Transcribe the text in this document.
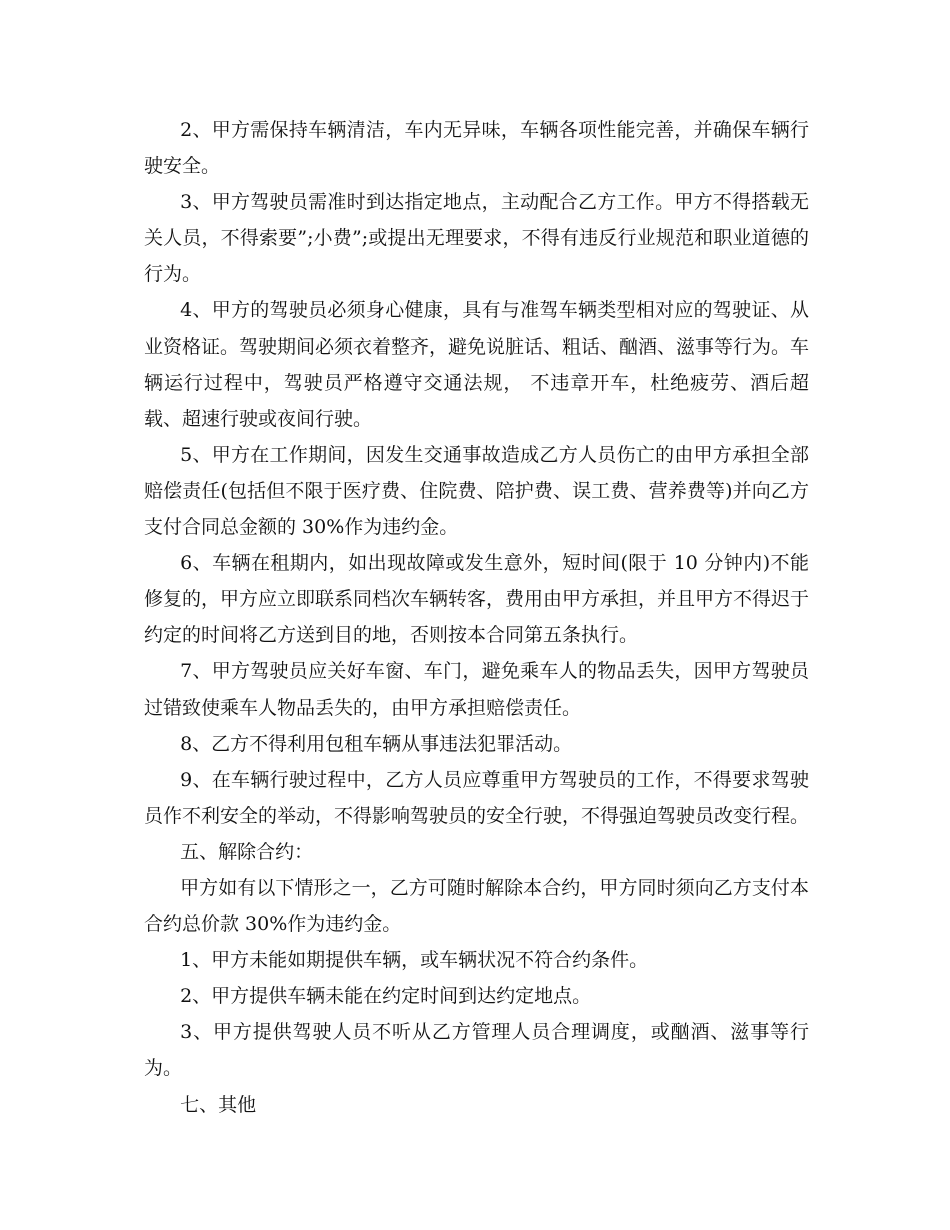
2、甲方需保持车辆清洁，车内无异味，车辆各项性能完善，并确保车辆行驶安全。

3、甲方驾驶员需准时到达指定地点，主动配合乙方工作。甲方不得搭载无关人员，不得索要”;小费”;或提出无理要求，不得有违反行业规范和职业道德的行为。

4、甲方的驾驶员必须身心健康，具有与准驾车辆类型相对应的驾驶证、从业资格证。驾驶期间必须衣着整齐，避免说脏话、粗话、酗酒、滋事等行为。车辆运行过程中，驾驶员严格遵守交通法规， 不违章开车，杜绝疲劳、酒后超载、超速行驶或夜间行驶。

5、甲方在工作期间，因发生交通事故造成乙方人员伤亡的由甲方承担全部赔偿责任(包括但不限于医疗费、住院费、陪护费、误工费、营养费等)并向乙方支付合同总金额的 30%作为违约金。

6、车辆在租期内，如出现故障或发生意外，短时间(限于 10 分钟内)不能修复的，甲方应立即联系同档次车辆转客，费用由甲方承担，并且甲方不得迟于约定的时间将乙方送到目的地，否则按本合同第五条执行。

7、甲方驾驶员应关好车窗、车门，避免乘车人的物品丢失，因甲方驾驶员过错致使乘车人物品丢失的，由甲方承担赔偿责任。

8、乙方不得利用包租车辆从事违法犯罪活动。

9、在车辆行驶过程中，乙方人员应尊重甲方驾驶员的工作，不得要求驾驶员作不利安全的举动，不得影响驾驶员的安全行驶，不得强迫驾驶员改变行程。

五、解除合约：

甲方如有以下情形之一，乙方可随时解除本合约，甲方同时须向乙方支付本合约总价款 30%作为违约金。

1、甲方未能如期提供车辆，或车辆状况不符合约条件。

2、甲方提供车辆未能在约定时间到达约定地点。

3、甲方提供驾驶人员不听从乙方管理人员合理调度，或酗酒、滋事等行为。

七、其他
